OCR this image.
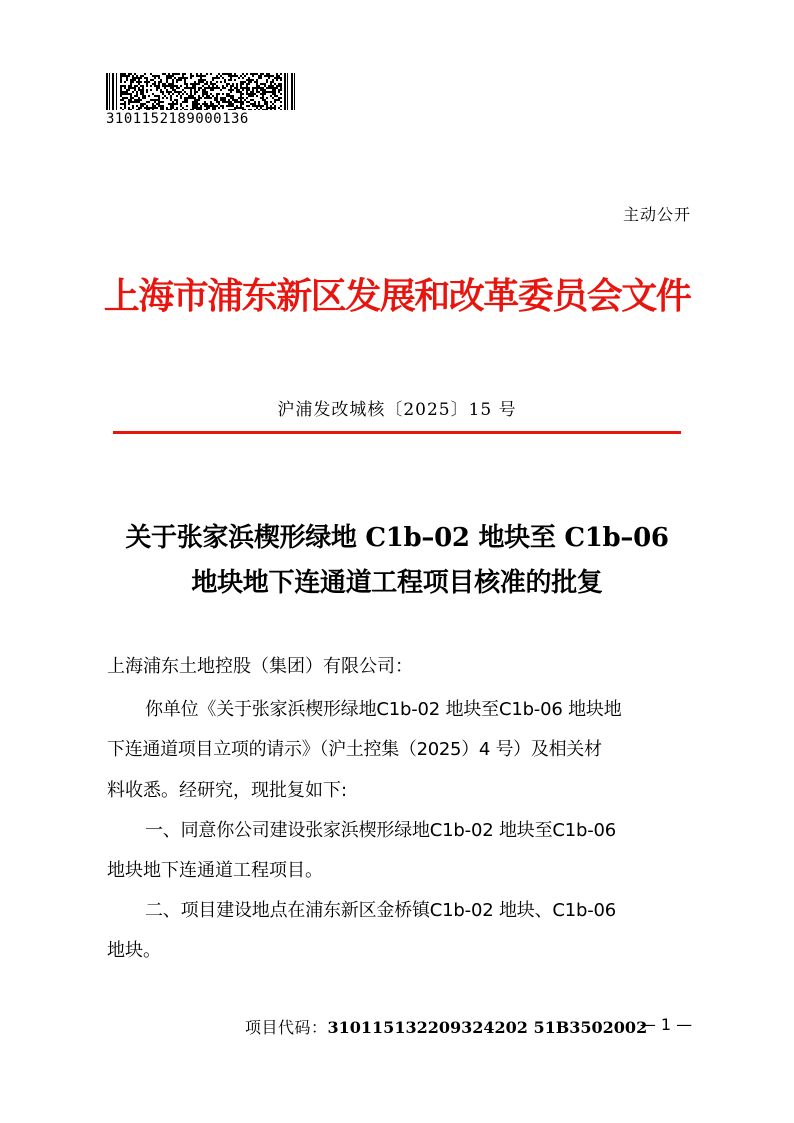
3101152189000136
主动公开
上海市浦东新区发展和改革委员会文件
沪浦发改城核〔2025〕15 号
关于张家浜楔形绿地 C1b–02 地块至 C1b–06
地块地下连通道工程项目核准的批复
上海浦东土地控股（集团）有限公司：
你单位《关于张家浜楔形绿地C1b-02 地块至C1b-06 地块地
下连通道项目立项的请示》（沪土控集（2025）4 号）及相关材
料收悉。经研究，现批复如下:
一、同意你公司建设张家浜楔形绿地C1b-02 地块至C1b-06
地块地下连通道工程项目。
二、项目建设地点在浦东新区金桥镇C1b-02 地块、C1b-06
地块。
项目代码：310115132209324202 51B3502002
— 1 —
